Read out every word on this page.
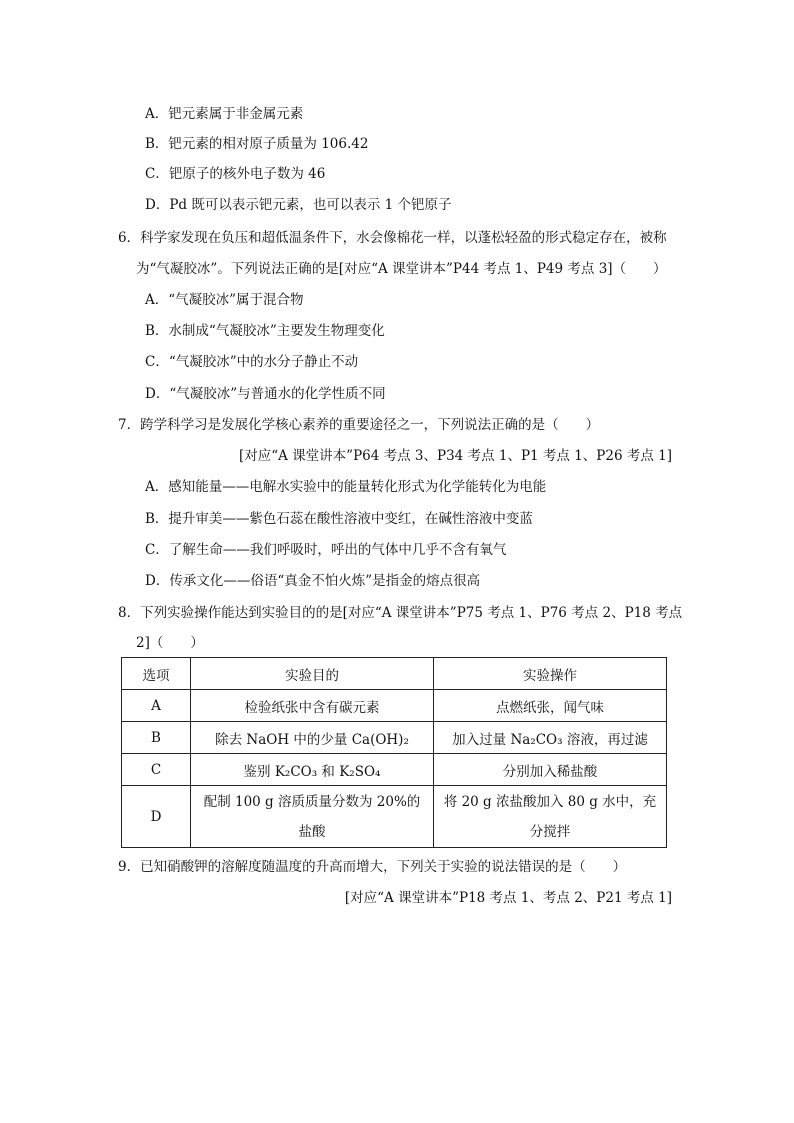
A．钯元素属于非金属元素
B．钯元素的相对原子质量为 106.42
C．钯原子的核外电子数为 46
D．Pd 既可以表示钯元素，也可以表示 1 个钯原子
6．科学家发现在负压和超低温条件下，水会像棉花一样，以蓬松轻盈的形式稳定存在，被称
为“气凝胶冰”。下列说法正确的是[对应“A 课堂讲本”P44 考点 1、P49 考点 3]（　　）
A．“气凝胶冰”属于混合物
B．水制成“气凝胶冰”主要发生物理变化
C．“气凝胶冰”中的水分子静止不动
D．“气凝胶冰”与普通水的化学性质不同
7．跨学科学习是发展化学核心素养的重要途径之一，下列说法正确的是（　　）
[对应“A 课堂讲本”P64 考点 3、P34 考点 1、P1 考点 1、P26 考点 1]
A．感知能量——电解水实验中的能量转化形式为化学能转化为电能
B．提升审美——紫色石蕊在酸性溶液中变红，在碱性溶液中变蓝
C．了解生命——我们呼吸时，呼出的气体中几乎不含有氧气
D．传承文化——俗语“真金不怕火炼”是指金的熔点很高
8．下列实验操作能达到实验目的的是[对应“A 课堂讲本”P75 考点 1、P76 考点 2、P18 考点
2]（　　）
选项	实验目的	实验操作
A	检验纸张中含有碳元素	点燃纸张，闻气味
B	除去 NaOH 中的少量 Ca(OH)₂	加入过量 Na₂CO₃ 溶液，再过滤
C	鉴别 K₂CO₃ 和 K₂SO₄	分别加入稀盐酸
D	配制 100 g 溶质质量分数为 20%的盐酸	将 20 g 浓盐酸加入 80 g 水中，充分搅拌
9．已知硝酸钾的溶解度随温度的升高而增大，下列关于实验的说法错误的是（　　）
[对应“A 课堂讲本”P18 考点 1、考点 2、P21 考点 1]
